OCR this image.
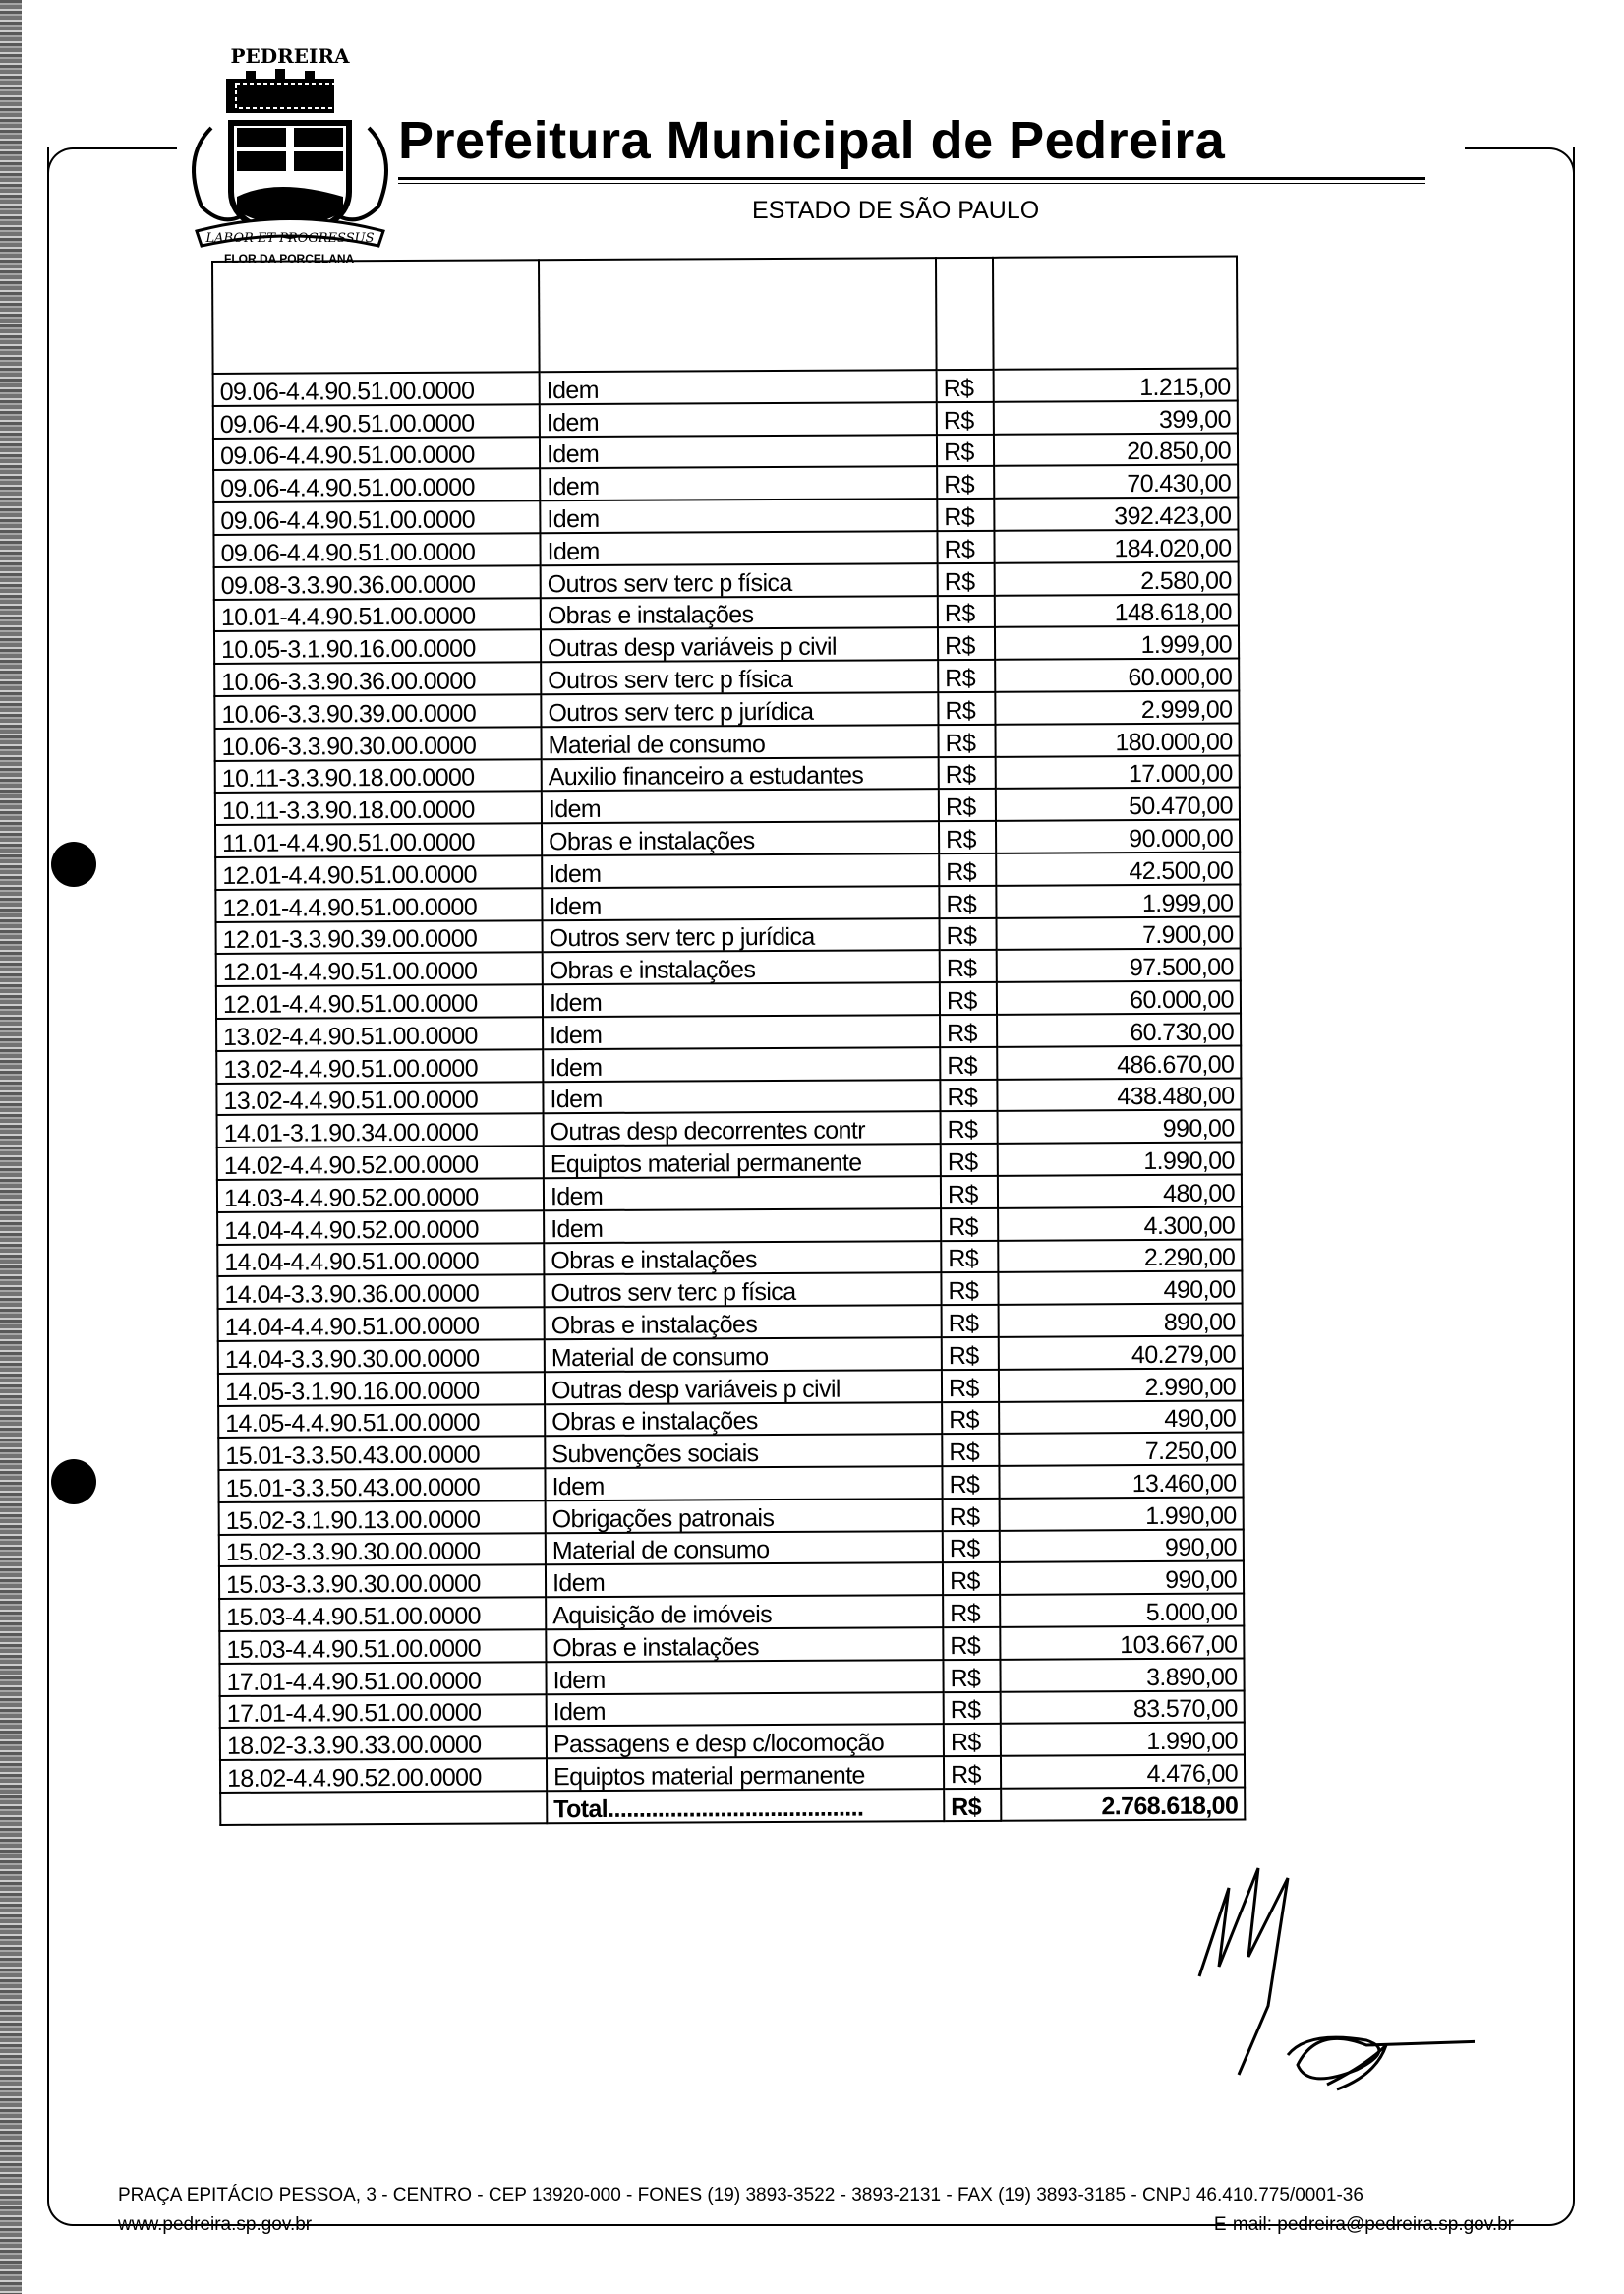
PEDREIRA
LABOR ET PROGRESSUS
FLOR DA PORCELANA
Prefeitura Municipal de Pedreira
ESTADO DE SÃO PAULO

09.06-4.4.90.51.00.0000	Idem	R$	1.215,00
09.06-4.4.90.51.00.0000	Idem	R$	399,00
09.06-4.4.90.51.00.0000	Idem	R$	20.850,00
09.06-4.4.90.51.00.0000	Idem	R$	70.430,00
09.06-4.4.90.51.00.0000	Idem	R$	392.423,00
09.06-4.4.90.51.00.0000	Idem	R$	184.020,00
09.08-3.3.90.36.00.0000	Outros serv terc p física	R$	2.580,00
10.01-4.4.90.51.00.0000	Obras e instalações	R$	148.618,00
10.05-3.1.90.16.00.0000	Outras desp variáveis p civil	R$	1.999,00
10.06-3.3.90.36.00.0000	Outros serv terc p física	R$	60.000,00
10.06-3.3.90.39.00.0000	Outros serv terc p jurídica	R$	2.999,00
10.06-3.3.90.30.00.0000	Material de consumo	R$	180.000,00
10.11-3.3.90.18.00.0000	Auxilio financeiro a estudantes	R$	17.000,00
10.11-3.3.90.18.00.0000	Idem	R$	50.470,00
11.01-4.4.90.51.00.0000	Obras e instalações	R$	90.000,00
12.01-4.4.90.51.00.0000	Idem	R$	42.500,00
12.01-4.4.90.51.00.0000	Idem	R$	1.999,00
12.01-3.3.90.39.00.0000	Outros serv terc p jurídica	R$	7.900,00
12.01-4.4.90.51.00.0000	Obras e instalações	R$	97.500,00
12.01-4.4.90.51.00.0000	Idem	R$	60.000,00
13.02-4.4.90.51.00.0000	Idem	R$	60.730,00
13.02-4.4.90.51.00.0000	Idem	R$	486.670,00
13.02-4.4.90.51.00.0000	Idem	R$	438.480,00
14.01-3.1.90.34.00.0000	Outras desp decorrentes contr	R$	990,00
14.02-4.4.90.52.00.0000	Equiptos material permanente	R$	1.990,00
14.03-4.4.90.52.00.0000	Idem	R$	480,00
14.04-4.4.90.52.00.0000	Idem	R$	4.300,00
14.04-4.4.90.51.00.0000	Obras e instalações	R$	2.290,00
14.04-3.3.90.36.00.0000	Outros serv terc p física	R$	490,00
14.04-4.4.90.51.00.0000	Obras e instalações	R$	890,00
14.04-3.3.90.30.00.0000	Material de consumo	R$	40.279,00
14.05-3.1.90.16.00.0000	Outras desp variáveis p civil	R$	2.990,00
14.05-4.4.90.51.00.0000	Obras e instalações	R$	490,00
15.01-3.3.50.43.00.0000	Subvenções sociais	R$	7.250,00
15.01-3.3.50.43.00.0000	Idem	R$	13.460,00
15.02-3.1.90.13.00.0000	Obrigações patronais	R$	1.990,00
15.02-3.3.90.30.00.0000	Material de consumo	R$	990,00
15.03-3.3.90.30.00.0000	Idem	R$	990,00
15.03-4.4.90.51.00.0000	Aquisição de imóveis	R$	5.000,00
15.03-4.4.90.51.00.0000	Obras e instalações	R$	103.667,00
17.01-4.4.90.51.00.0000	Idem	R$	3.890,00
17.01-4.4.90.51.00.0000	Idem	R$	83.570,00
18.02-3.3.90.33.00.0000	Passagens e desp c/locomoção	R$	1.990,00
18.02-4.4.90.52.00.0000	Equiptos material permanente	R$	4.476,00
	Total.........................................	R$	2.768.618,00
PRAÇA EPITÁCIO PESSOA, 3 - CENTRO - CEP 13920-000 - FONES (19) 3893-3522 - 3893-2131 - FAX (19) 3893-3185 - CNPJ 46.410.775/0001-36
www.pedreira.sp.gov.br	E-mail: pedreira@pedreira.sp.gov.br
